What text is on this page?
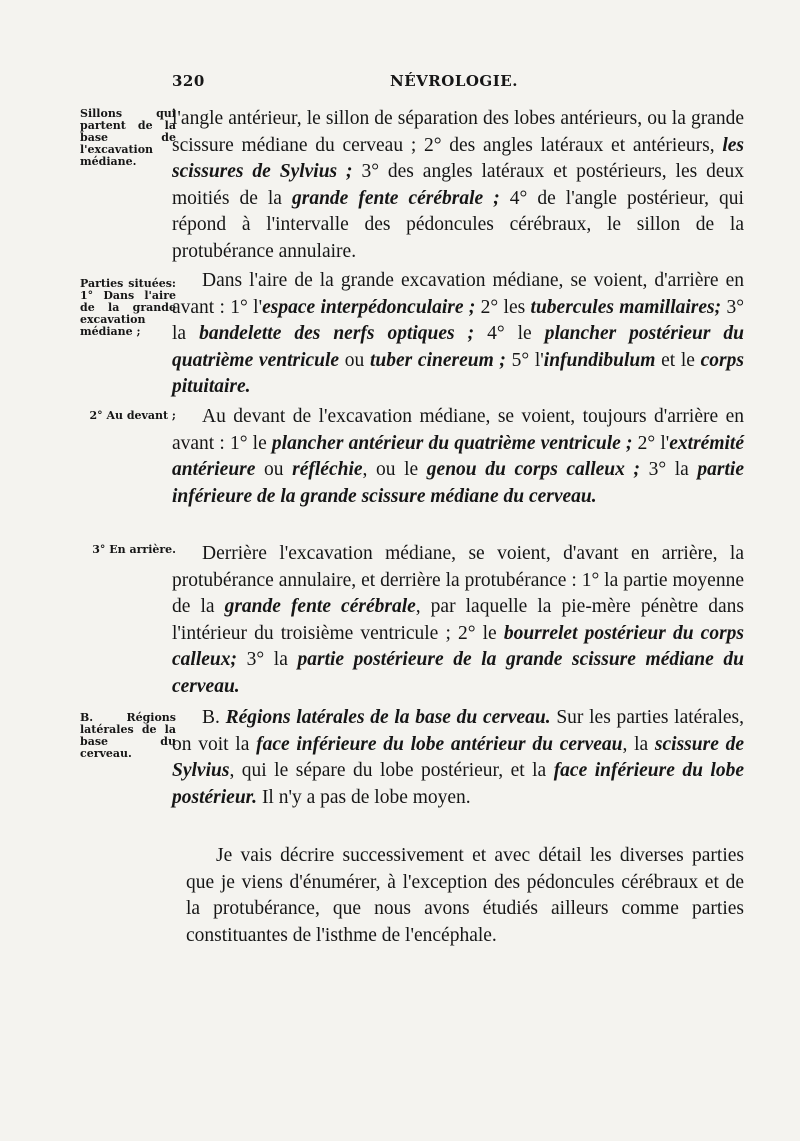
320	NÉVROLOGIE.
Sillons qui partent de la base de l'excavation médiane.
Parties situées: 1° Dans l'aire de la grande excavation médiane ;
2° Au devant ;
3° En arrière.
B. Régions latérales de la base du cerveau.
l'angle antérieur, le sillon de séparation des lobes antérieurs, ou la grande scissure médiane du cerveau ; 2° des angles latéraux et antérieurs, les scissures de Sylvius ; 3° des angles latéraux et postérieurs, les deux moitiés de la grande fente cérébrale ; 4° de l'angle postérieur, qui répond à l'intervalle des pédoncules cérébraux, le sillon de la protubérance annulaire.
Dans l'aire de la grande excavation médiane, se voient, d'arrière en avant : 1° l'espace interpédonculaire ; 2° les tubercules mamillaires; 3° la bandelette des nerfs optiques ; 4° le plancher postérieur du quatrième ventricule ou tuber cinereum ; 5° l'infundibulum et le corps pituitaire.
Au devant de l'excavation médiane, se voient, toujours d'arrière en avant : 1° le plancher antérieur du quatrième ventricule ; 2° l'extrémité antérieure ou réfléchie, ou le genou du corps calleux ; 3° la partie inférieure de la grande scissure médiane du cerveau.
Derrière l'excavation médiane, se voient, d'avant en arrière, la protubérance annulaire, et derrière la protubérance : 1° la partie moyenne de la grande fente cérébrale, par laquelle la pie-mère pénètre dans l'intérieur du troisième ventricule ; 2° le bourrelet postérieur du corps calleux; 3° la partie postérieure de la grande scissure médiane du cerveau.
B. Régions latérales de la base du cerveau. Sur les parties latérales, on voit la face inférieure du lobe antérieur du cerveau, la scissure de Sylvius, qui le sépare du lobe postérieur, et la face inférieure du lobe postérieur. Il n'y a pas de lobe moyen.
Je vais décrire successivement et avec détail les diverses parties que je viens d'énumérer, à l'exception des pédoncules cérébraux et de la protubérance, que nous avons étudiés ailleurs comme parties constituantes de l'isthme de l'encéphale.
